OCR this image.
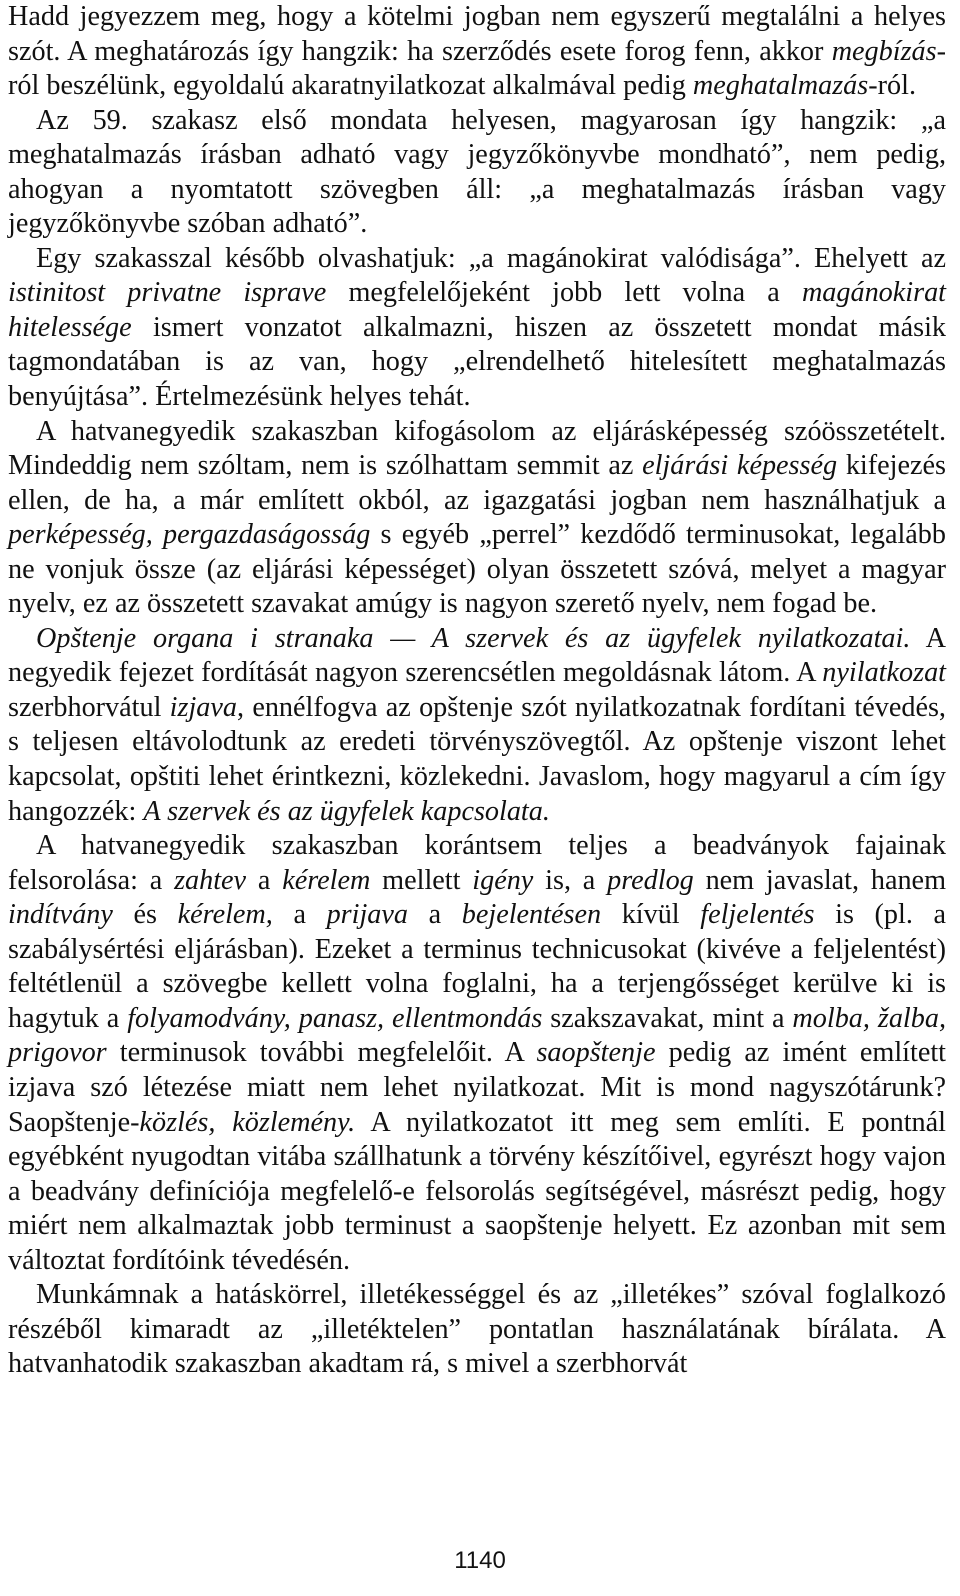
Hadd jegyezzem meg, hogy a kötelmi jogban nem egyszerű megtalálni a helyes szót. A meghatározás így hangzik: ha szerződés esete forog fenn, akkor megbízás-ról beszélünk, egyoldalú akaratnyilatkozat alkalmával pedig meghatalmazás-ról.

Az 59. szakasz első mondata helyesen, magyarosan így hangzik: „a meghatalmazás írásban adható vagy jegyzőkönyvbe mondható”, nem pedig, ahogyan a nyomtatott szövegben áll: „a meghatalmazás írásban vagy jegyzőkönyvbe szóban adható”.

Egy szakasszal később olvashatjuk: „a magánokirat valódisága”. Ehelyett az istinitost privatne isprave megfelelőjeként jobb lett volna a magánokirat hitelessége ismert vonzatot alkalmazni, hiszen az összetett mondat másik tagmondatában is az van, hogy „elrendelhető hitelesített meghatalmazás benyújtása”. Értelmezésünk helyes tehát.

A hatvanegyedik szakaszban kifogásolom az eljárásképesség szóösszetételt. Mindeddig nem szóltam, nem is szólhattam semmit az eljárási képesség kifejezés ellen, de ha, a már említett okból, az igazgatási jogban nem használhatjuk a perképesség, pergazdaságosság s egyéb „perrel” kezdődő terminusokat, legalább ne vonjuk össze (az eljárási képességet) olyan összetett szóvá, melyet a magyar nyelv, ez az összetett szavakat amúgy is nagyon szerető nyelv, nem fogad be.

Opštenje organa i stranaka — A szervek és az ügyfelek nyilatkozatai. A negyedik fejezet fordítását nagyon szerencsétlen megoldásnak látom. A nyilatkozat szerbhorvátul izjava, ennélfogva az opštenje szót nyilatkozatnak fordítani tévedés, s teljesen eltávolodtunk az eredeti törvényszövegtől. Az opštenje viszont lehet kapcsolat, opštiti lehet érintkezni, közlekedni. Javaslom, hogy magyarul a cím így hangozzék: A szervek és az ügyfelek kapcsolata.

A hatvanegyedik szakaszban korántsem teljes a beadványok fajainak felsorolása: a zahtev a kérelem mellett igény is, a predlog nem javaslat, hanem indítvány és kérelem, a prijava a bejelentésen kívül feljelentés is (pl. a szabálysértési eljárásban). Ezeket a terminus technicusokat (kivéve a feljelentést) feltétlenül a szövegbe kellett volna foglalni, ha a terjengősséget kerülve ki is hagytuk a folyamodvány, panasz, ellentmondás szakszavakat, mint a molba, žalba, prigovor terminusok további megfelelőit. A saopštenje pedig az imént említett izjava szó létezése miatt nem lehet nyilatkozat. Mit is mond nagyszótárunk? Saopštenje-közlés, közlemény. A nyilatkozatot itt meg sem említi. E pontnál egyébként nyugodtan vitába szállhatunk a törvény készítőivel, egyrészt hogy vajon a beadvány definíciója megfelelő-e felsorolás segítségével, másrészt pedig, hogy miért nem alkalmaztak jobb terminust a saopštenje helyett. Ez azonban mit sem változtat fordítóink tévedésén.

Munkámnak a hatáskörrel, illetékességgel és az „illetékes” szóval foglalkozó részéből kimaradt az „illetéktelen” pontatlan használatának bírálata. A hatvanhatodik szakaszban akadtam rá, s mivel a szerbhorvát

1140
